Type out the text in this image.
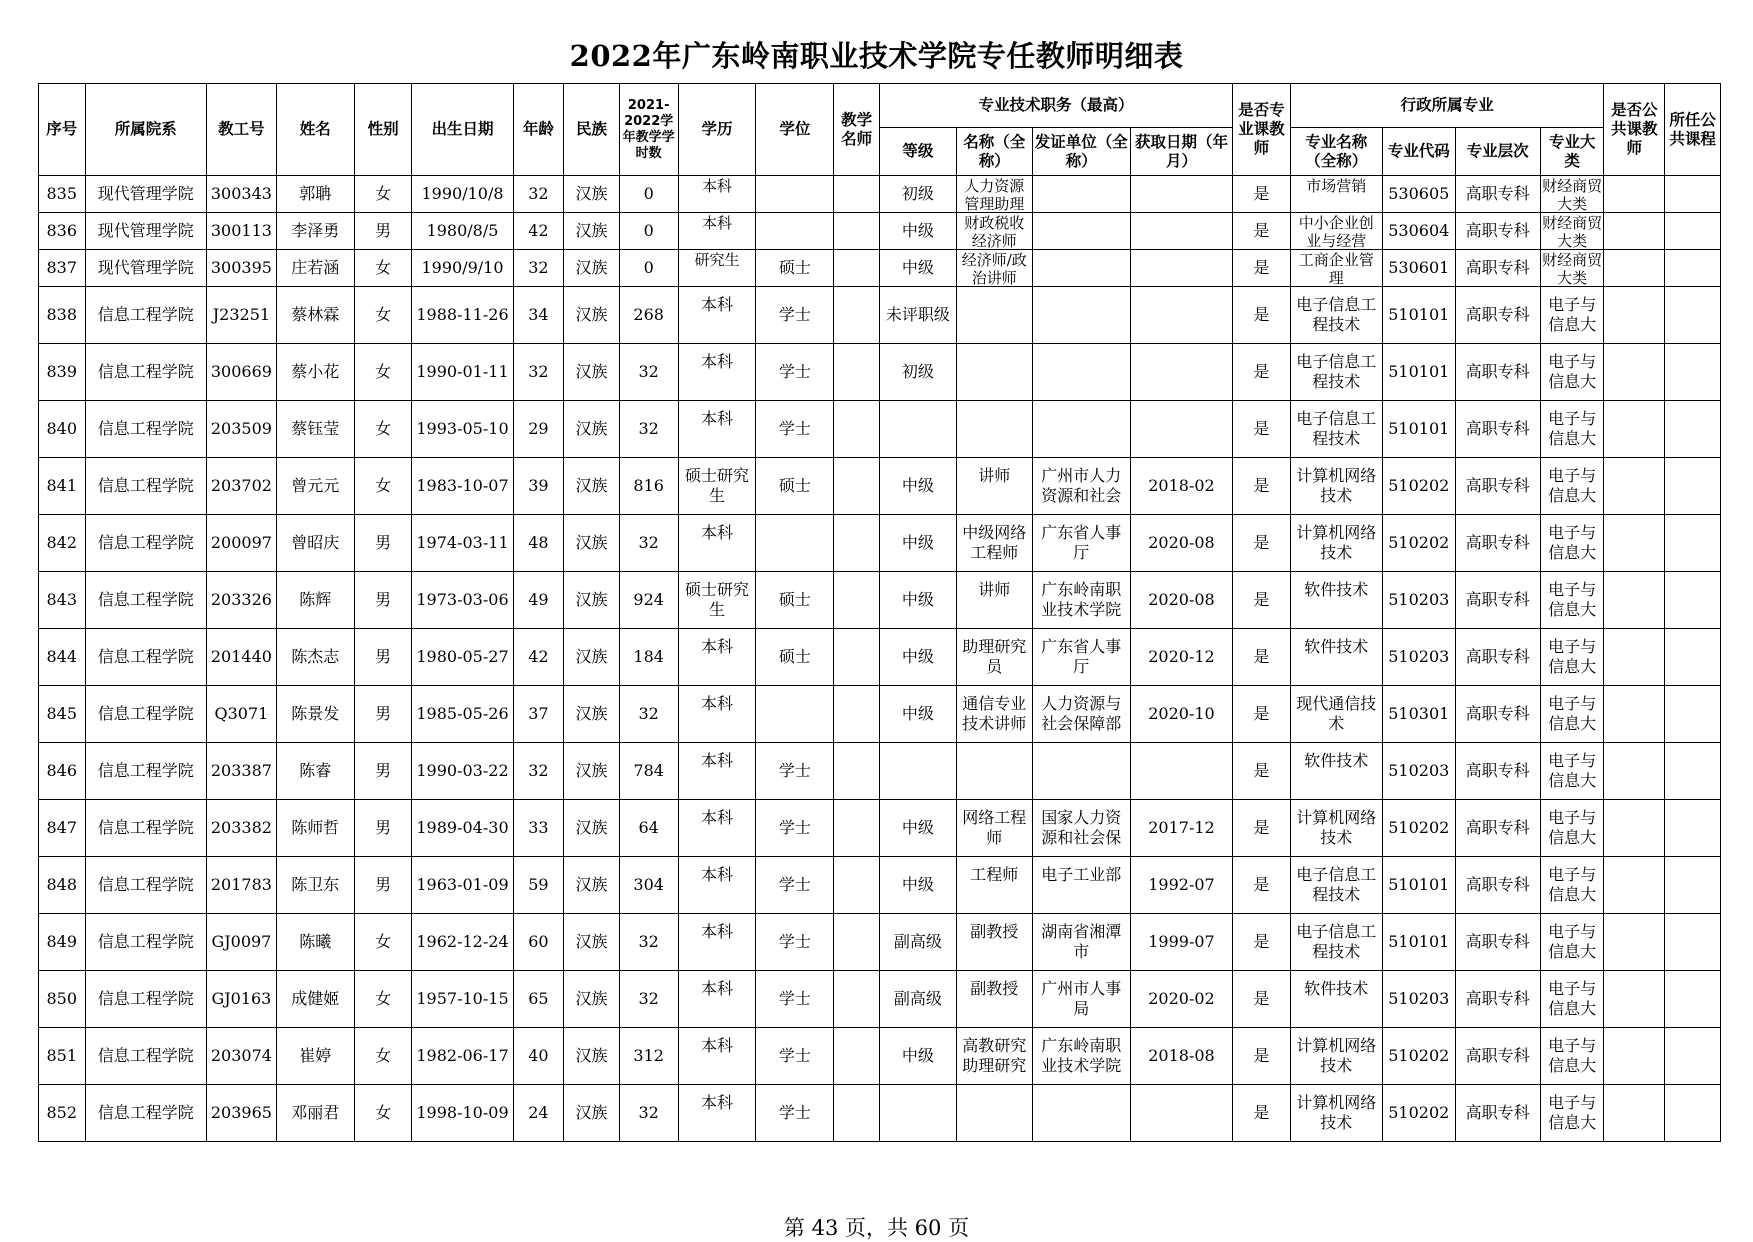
2022年广东岭南职业技术学院专任教师明细表
序号	所属院系	教工号	姓名	性别	出生日期	年龄	民族	2021-2022学年教学学时数	学历	学位	教学名师	专业技术职务（最高）				是否专业课教师	行政所属专业				是否公共课教师	所任公共课程
												等级	名称（全称）	发证单位（全称）	获取日期（年月）		专业名称（全称）	专业代码	专业层次	专业大类		
835	现代管理学院	300343	郭聃	女	1990/10/8	32	汉族	0	本科			初级	人力资源管理助理			是	市场营销	530605	高职专科	财经商贸大类		

836	现代管理学院	300113	李泽勇	男	1980/8/5	42	汉族	0	本科			中级	财政税收经济师			是	中小企业创业与经营	530604	高职专科	财经商贸大类		

837	现代管理学院	300395	庄若涵	女	1990/9/10	32	汉族	0	研究生	硕士		中级	经济师/政治讲师			是	工商企业管理	530601	高职专科	财经商贸大类		

838	信息工程学院	J23251	蔡林霖	女	1988-11-26	34	汉族	268	本科	学士		未评职级				是	电子信息工程技术	510101	高职专科	电子与信息大		

839	信息工程学院	300669	蔡小花	女	1990-01-11	32	汉族	32	本科	学士		初级				是	电子信息工程技术	510101	高职专科	电子与信息大		

840	信息工程学院	203509	蔡钰莹	女	1993-05-10	29	汉族	32	本科	学士						是	电子信息工程技术	510101	高职专科	电子与信息大		

841	信息工程学院	203702	曾元元	女	1983-10-07	39	汉族	816	硕士研究生	硕士		中级	讲师	广州市人力资源和社会	2018-02	是	计算机网络技术	510202	高职专科	电子与信息大		

842	信息工程学院	200097	曾昭庆	男	1974-03-11	48	汉族	32	本科			中级	中级网络工程师	广东省人事厅	2020-08	是	计算机网络技术	510202	高职专科	电子与信息大		

843	信息工程学院	203326	陈辉	男	1973-03-06	49	汉族	924	硕士研究生	硕士		中级	讲师	广东岭南职业技术学院	2020-08	是	软件技术	510203	高职专科	电子与信息大		

844	信息工程学院	201440	陈杰志	男	1980-05-27	42	汉族	184	本科	硕士		中级	助理研究员	广东省人事厅	2020-12	是	软件技术	510203	高职专科	电子与信息大		

845	信息工程学院	Q3071	陈景发	男	1985-05-26	37	汉族	32	本科			中级	通信专业技术讲师	人力资源与社会保障部	2020-10	是	现代通信技术	510301	高职专科	电子与信息大		

846	信息工程学院	203387	陈睿	男	1990-03-22	32	汉族	784	本科	学士						是	软件技术	510203	高职专科	电子与信息大		

847	信息工程学院	203382	陈师哲	男	1989-04-30	33	汉族	64	本科	学士		中级	网络工程师	国家人力资源和社会保	2017-12	是	计算机网络技术	510202	高职专科	电子与信息大		

848	信息工程学院	201783	陈卫东	男	1963-01-09	59	汉族	304	本科	学士		中级	工程师	电子工业部	1992-07	是	电子信息工程技术	510101	高职专科	电子与信息大		

849	信息工程学院	GJ0097	陈曦	女	1962-12-24	60	汉族	32	本科	学士		副高级	副教授	湖南省湘潭市	1999-07	是	电子信息工程技术	510101	高职专科	电子与信息大		

850	信息工程学院	GJ0163	成健姬	女	1957-10-15	65	汉族	32	本科	学士		副高级	副教授	广州市人事局	2020-02	是	软件技术	510203	高职专科	电子与信息大		

851	信息工程学院	203074	崔婷	女	1982-06-17	40	汉族	312	本科	学士		中级	高教研究助理研究	广东岭南职业技术学院	2018-08	是	计算机网络技术	510202	高职专科	电子与信息大		

852	信息工程学院	203965	邓丽君	女	1998-10-09	24	汉族	32	本科	学士						是	计算机网络技术	510202	高职专科	电子与信息大		

第 43 页，共 60 页
